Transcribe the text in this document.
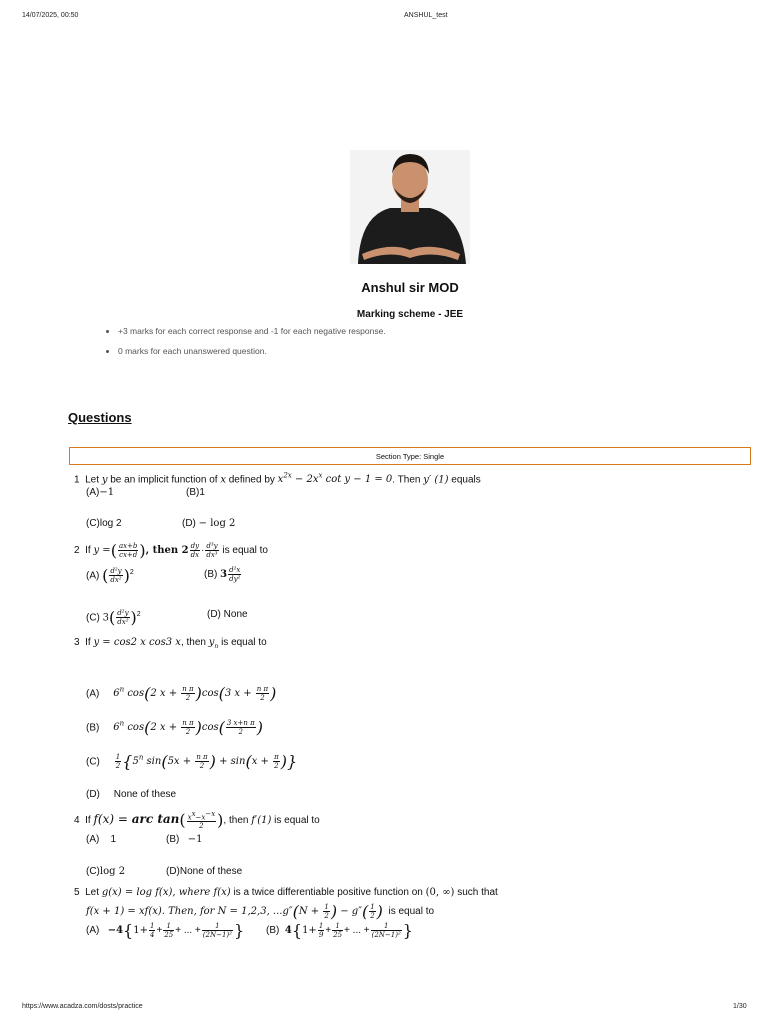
14/07/2025, 00:50	ANSHUL_test
Anshul sir MOD
Marking scheme - JEE
• +3 marks for each correct response and -1 for each negative response.
• 0 marks for each unanswered question.
Questions
Section Type: Single
1 Let y be an implicit function of x defined by $x^{2x} - 2x^x$ cot y − 1 = 0. Then y′ (1) equals
(A)−1	(B)1
(C)log 2	(D) − log 2
2 If y =( $\frac{ax+b}{cx+d}$ ), then $2 \frac{dy}{dx} \cdot \frac{\text{d³y}}{\text{dx³}}$ is equal to
(A) ( $\frac{\text{d²y}}{\text{dx²}} )^2$	(B) $3 \frac{\text{d²x}}{\text{dy²}}$
(C) $3( \frac{\text{d²y}}{\text{dx²}} )^2$	(D) None
3 If y = cos2 x cos3 x, then $y_n$ is equal to
(A) 6$^n$ cos(2 $x + \frac{\text{n π}}{2} )\cos(3$ $x + \frac{\text{n π}}{2}$ )
(B) 6$^n$ cos(2 $x + \frac{\text{n π}}{2} )\cos( \frac{\text{3 x+n π}}{2}$ )
$(C) \frac{1}{2} \{5^n$ $\sin(5x + \frac{\text{n π}}{2}$ ) + $\sin(x + \frac{\pi}{2}$ )}
(D) None of these
4 If f(x) = arc $\tan( \frac{x^x-x^{-x}}{2}$ ), then f′(1) is equal to
(A) 1	(B) −1
(C)log 2	(D)None of these
5 Let g(x) = log f(x), where f(x) is a twice differentiable positive function on (0, ∞) such that
f(x + 1) = xf(x). Then, for N = 1,2,3, $...g''(N + \frac{1}{2}$ ) − $g''( \frac{1}{2}$ ) is equal to
$(A) -4\{1+ \frac{1}{4} + \frac{1}{25}$ + ... + $\frac{1}{\text{(2N−1)²}}$ } (B) $4\{1+ \frac{1}{9} + \frac{1}{25}$ + ... + $\frac{1}{\text{(2N−1)²}}$ }
https://www.acadza.com/dosts/practice	1/30
